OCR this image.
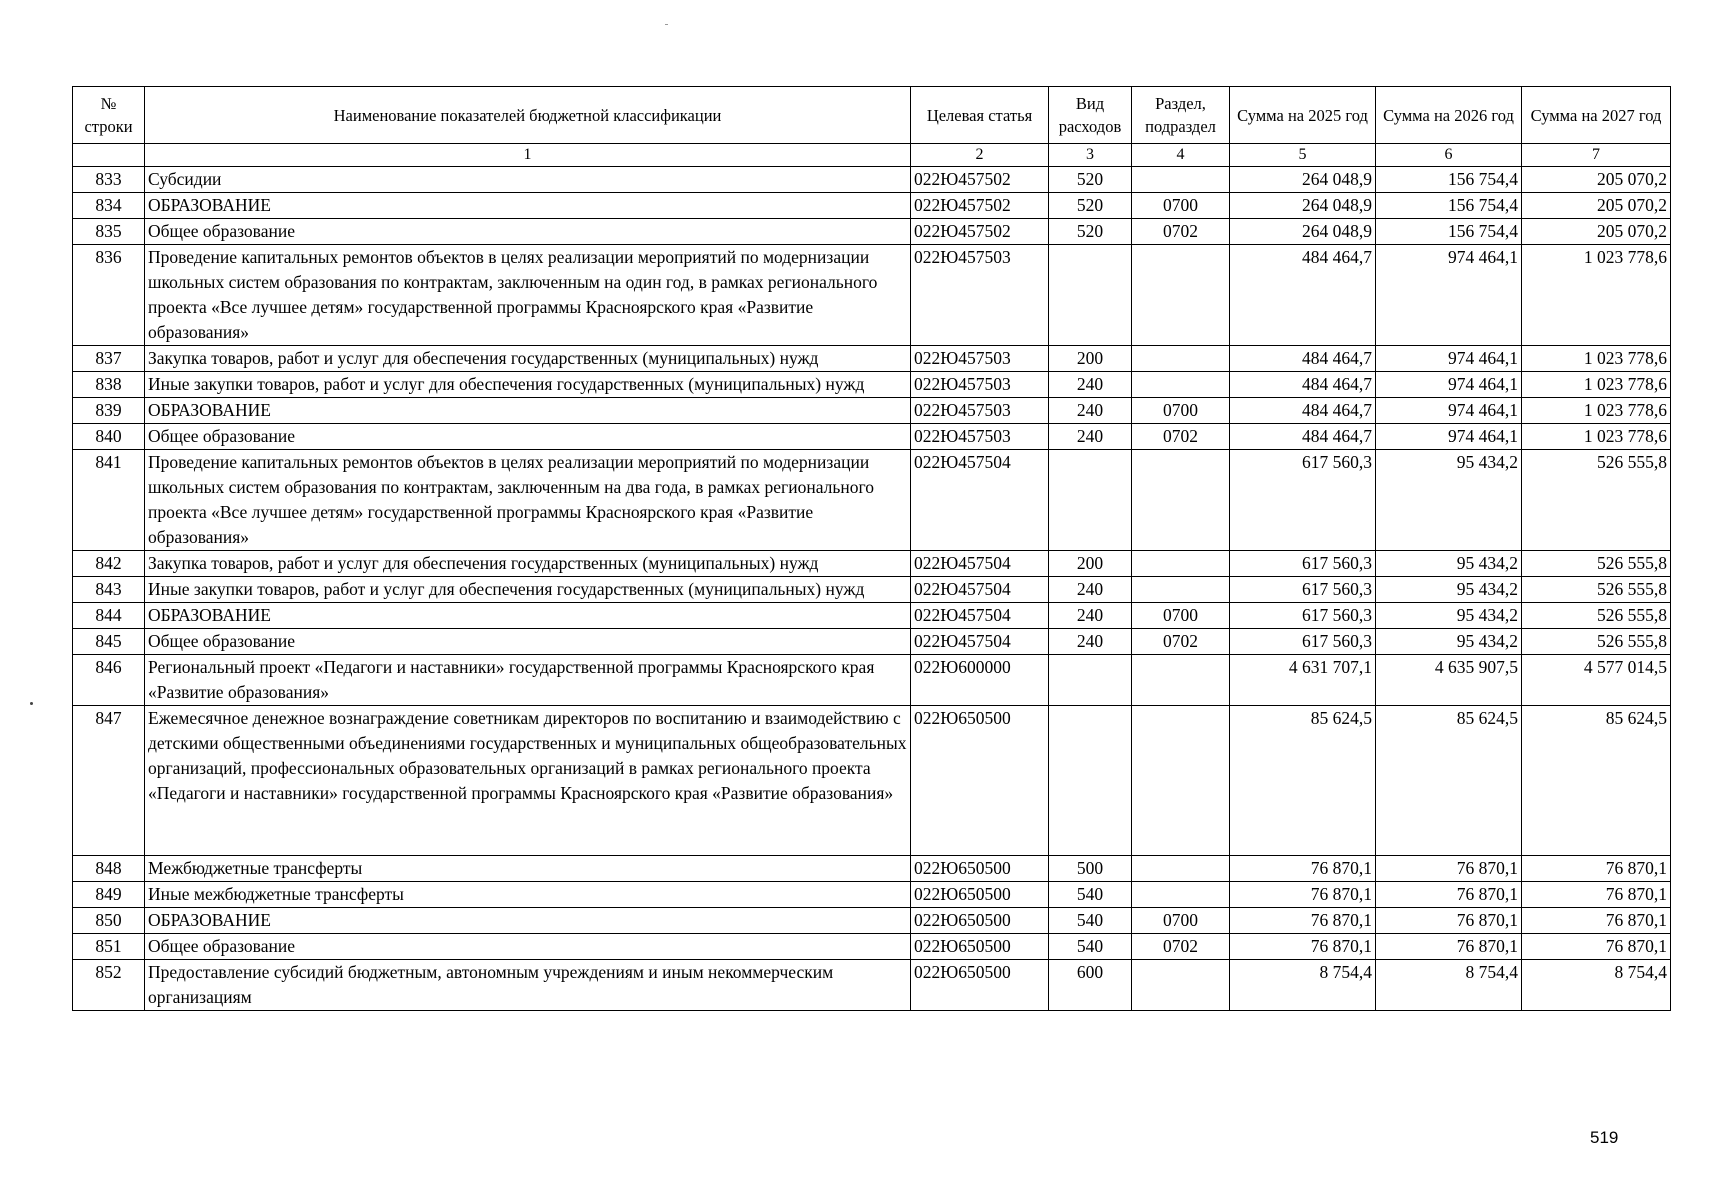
№ строки	Наименование показателей бюджетной классификации	Целевая статья	Вид расходов	Раздел, подраздел	Сумма на 2025 год	Сумма на 2026 год	Сумма на 2027 год
	1	2	3	4	5	6	7
833	Субсидии	022Ю457502	520		264 048,9	156 754,4	205 070,2
834	ОБРАЗОВАНИЕ	022Ю457502	520	0700	264 048,9	156 754,4	205 070,2
835	Общее образование	022Ю457502	520	0702	264 048,9	156 754,4	205 070,2
836	Проведение капитальных ремонтов объектов в целях реализации мероприятий по модернизации школьных систем образования по контрактам, заключенным на один год, в рамках регионального проекта «Все лучшее детям» государственной программы Красноярского края «Развитие образования»	022Ю457503			484 464,7	974 464,1	1 023 778,6
837	Закупка товаров, работ и услуг для обеспечения государственных (муниципальных) нужд	022Ю457503	200		484 464,7	974 464,1	1 023 778,6
838	Иные закупки товаров, работ и услуг для обеспечения государственных (муниципальных) нужд	022Ю457503	240		484 464,7	974 464,1	1 023 778,6
839	ОБРАЗОВАНИЕ	022Ю457503	240	0700	484 464,7	974 464,1	1 023 778,6
840	Общее образование	022Ю457503	240	0702	484 464,7	974 464,1	1 023 778,6
841	Проведение капитальных ремонтов объектов в целях реализации мероприятий по модернизации школьных систем образования по контрактам, заключенным на два года, в рамках регионального проекта «Все лучшее детям» государственной программы Красноярского края «Развитие образования»	022Ю457504			617 560,3	95 434,2	526 555,8
842	Закупка товаров, работ и услуг для обеспечения государственных (муниципальных) нужд	022Ю457504	200		617 560,3	95 434,2	526 555,8
843	Иные закупки товаров, работ и услуг для обеспечения государственных (муниципальных) нужд	022Ю457504	240		617 560,3	95 434,2	526 555,8
844	ОБРАЗОВАНИЕ	022Ю457504	240	0700	617 560,3	95 434,2	526 555,8
845	Общее образование	022Ю457504	240	0702	617 560,3	95 434,2	526 555,8
846	Региональный проект «Педагоги и наставники» государственной программы Красноярского края «Развитие образования»	022Ю600000			4 631 707,1	4 635 907,5	4 577 014,5
847	Ежемесячное денежное вознаграждение советникам директоров по воспитанию и взаимодействию с детскими общественными объединениями государственных и муниципальных общеобразовательных организаций, профессиональных образовательных организаций в рамках регионального проекта «Педагоги и наставники» государственной программы Красноярского края «Развитие образования»	022Ю650500			85 624,5	85 624,5	85 624,5
848	Межбюджетные трансферты	022Ю650500	500		76 870,1	76 870,1	76 870,1
849	Иные межбюджетные трансферты	022Ю650500	540		76 870,1	76 870,1	76 870,1
850	ОБРАЗОВАНИЕ	022Ю650500	540	0700	76 870,1	76 870,1	76 870,1
851	Общее образование	022Ю650500	540	0702	76 870,1	76 870,1	76 870,1
852	Предоставление субсидий бюджетным, автономным учреждениям и иным некоммерческим организациям	022Ю650500	600		8 754,4	8 754,4	8 754,4
519
